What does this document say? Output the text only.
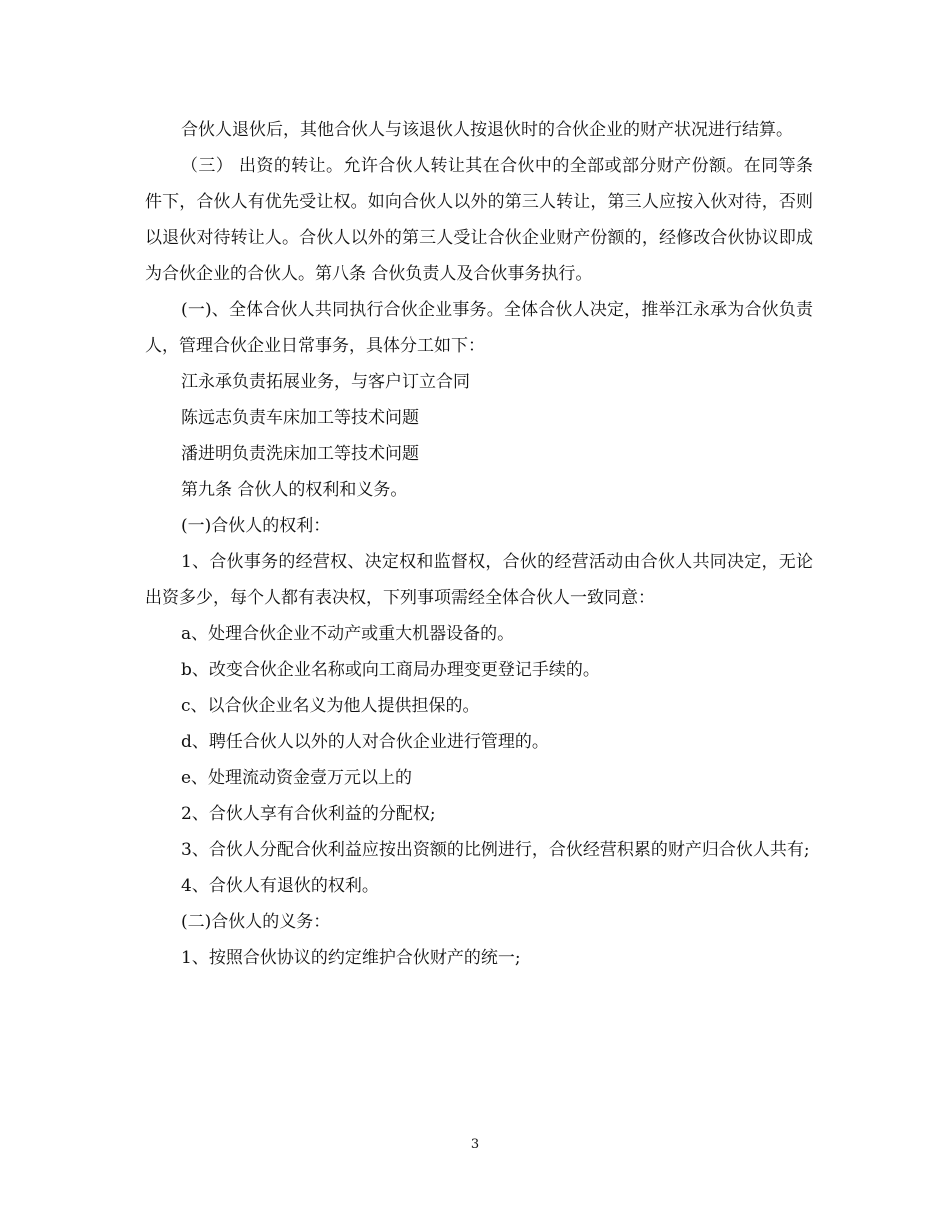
合伙人退伙后，其他合伙人与该退伙人按退伙时的合伙企业的财产状况进行结算。

（三） 出资的转让。允许合伙人转让其在合伙中的全部或部分财产份额。在同等条件下，合伙人有优先受让权。如向合伙人以外的第三人转让，第三人应按入伙对待，否则以退伙对待转让人。合伙人以外的第三人受让合伙企业财产份额的，经修改合伙协议即成为合伙企业的合伙人。第八条 合伙负责人及合伙事务执行。

(一)、全体合伙人共同执行合伙企业事务。全体合伙人决定，推举江永承为合伙负责人，管理合伙企业日常事务，具体分工如下：

江永承负责拓展业务，与客户订立合同

陈远志负责车床加工等技术问题

潘进明负责洗床加工等技术问题

第九条 合伙人的权利和义务。

(一)合伙人的权利：

1、合伙事务的经营权、决定权和监督权，合伙的经营活动由合伙人共同决定，无论出资多少，每个人都有表决权，下列事项需经全体合伙人一致同意：

a、处理合伙企业不动产或重大机器设备的。

b、改变合伙企业名称或向工商局办理变更登记手续的。

c、以合伙企业名义为他人提供担保的。

d、聘任合伙人以外的人对合伙企业进行管理的。

e、处理流动资金壹万元以上的

2、合伙人享有合伙利益的分配权;

3、合伙人分配合伙利益应按出资额的比例进行，合伙经营积累的财产归合伙人共有;

4、合伙人有退伙的权利。

(二)合伙人的义务：

1、按照合伙协议的约定维护合伙财产的统一;

3
